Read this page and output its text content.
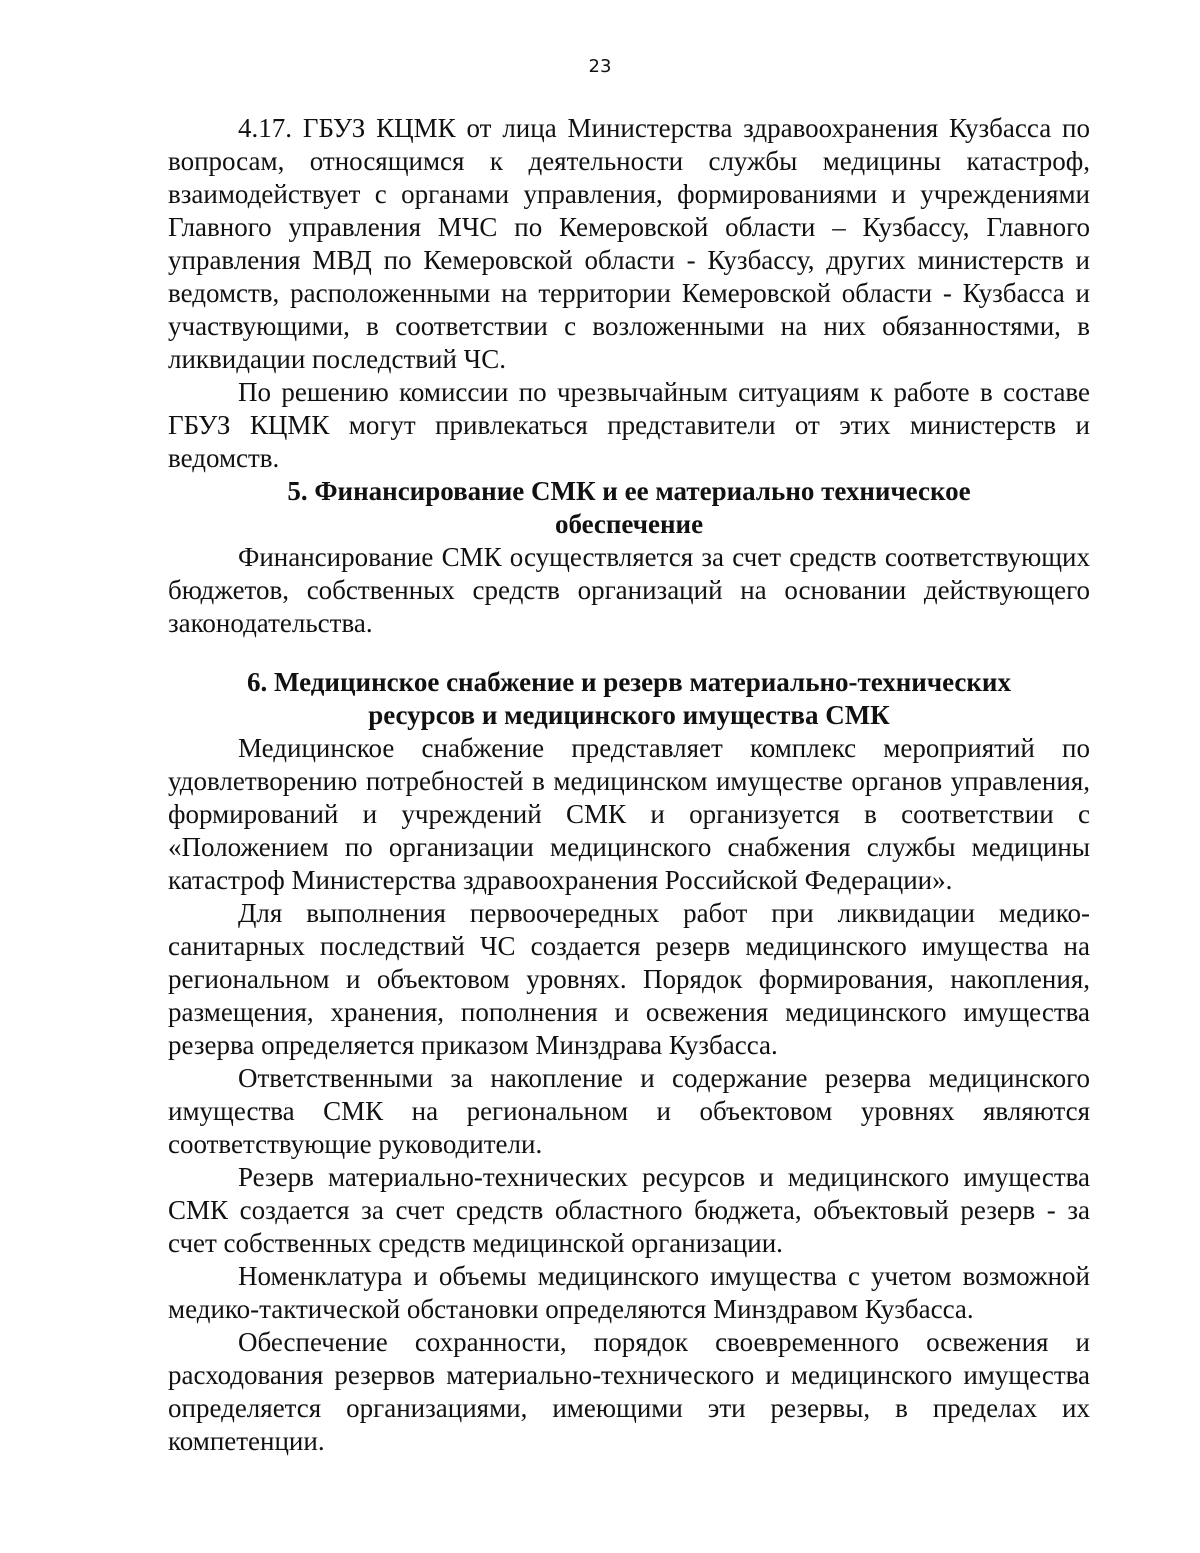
23

4.17. ГБУЗ КЦМК от лица Министерства здравоохранения Кузбасса по вопросам, относящимся к деятельности службы медицины катастроф, взаимодействует с органами управления, формированиями и учреждениями Главного управления МЧС по Кемеровской области – Кузбассу, Главного управления МВД по Кемеровской области - Кузбассу, других министерств и ведомств, расположенными на территории Кемеровской области - Кузбасса и участвующими, в соответствии с возложенными на них обязанностями, в ликвидации последствий ЧС.

По решению комиссии по чрезвычайным ситуациям к работе в составе ГБУЗ КЦМК могут привлекаться представители от этих министерств и ведомств.

5. Финансирование СМК и ее материально техническое обеспечение

Финансирование СМК осуществляется за счет средств соответствующих бюджетов, собственных средств организаций на основании действующего законодательства.

6. Медицинское снабжение и резерв материально-технических ресурсов и медицинского имущества СМК

Медицинское снабжение представляет комплекс мероприятий по удовлетворению потребностей в медицинском имуществе органов управления, формирований и учреждений СМК и организуется в соответствии с «Положением по организации медицинского снабжения службы медицины катастроф Министерства здравоохранения Российской Федерации».

Для выполнения первоочередных работ при ликвидации медико-санитарных последствий ЧС создается резерв медицинского имущества на региональном и объектовом уровнях. Порядок формирования, накопления, размещения, хранения, пополнения и освежения медицинского имущества резерва определяется приказом Минздрава Кузбасса.

Ответственными за накопление и содержание резерва медицинского имущества СМК на региональном и объектовом уровнях являются соответствующие руководители.

Резерв материально-технических ресурсов и медицинского имущества СМК создается за счет средств областного бюджета, объектовый резерв - за счет собственных средств медицинской организации.

Номенклатура и объемы медицинского имущества с учетом возможной медико-тактической обстановки определяются Минздравом Кузбасса.

Обеспечение сохранности, порядок своевременного освежения и расходования резервов материально-технического и медицинского имущества определяется организациями, имеющими эти резервы, в пределах их компетенции.
